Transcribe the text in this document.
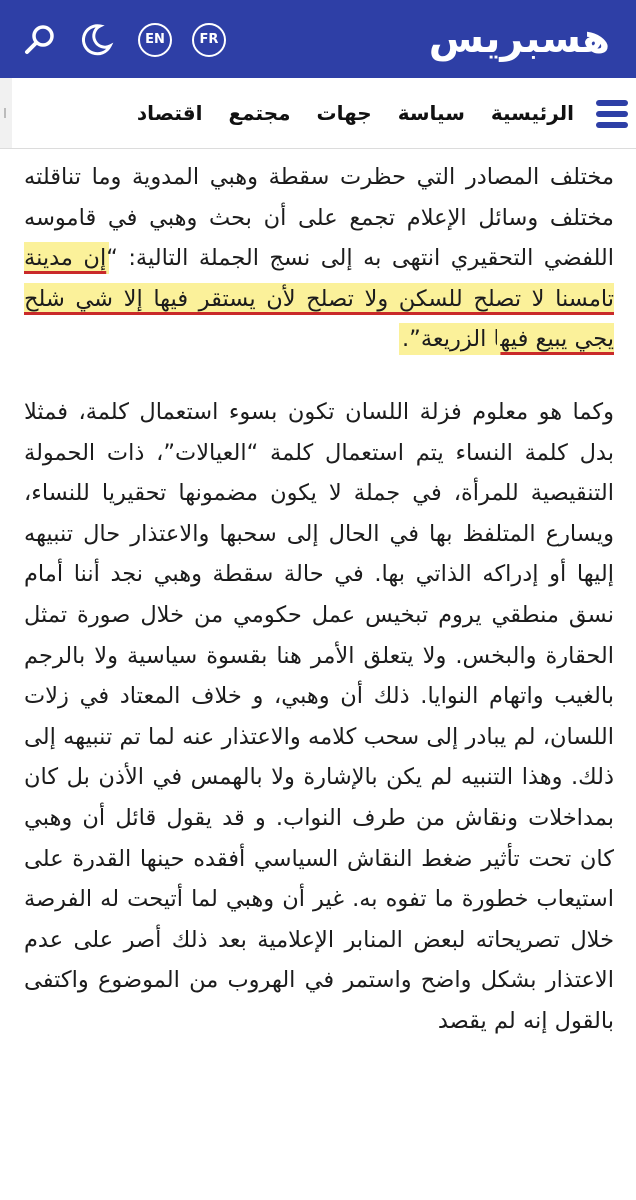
EN	FR	هسبريس
الرئيسية
سياسة
جهات
مجتمع
اقتصاد

مختلف المصادر التي حظرت سقطة وهبي المدوية وما تناقلته مختلف وسائل الإعلام تجمع على أن بحث وهبي في قاموسه اللفضي التحقيري انتهى به إلى نسج الجملة التالية: “إن مدينة تامسنا لا تصلح للسكن ولا تصلح لأن يستقر فيها إلا شي شلح يجي يبيع فيها الزريعة”.

وكما هو معلوم فزلة اللسان تكون بسوء استعمال كلمة، فمثلا بدل كلمة النساء يتم استعمال كلمة “العيالات”، ذات الحمولة التنقيصية للمرأة، في جملة لا يكون مضمونها تحقيريا للنساء، ويسارع المتلفظ بها في الحال إلى سحبها والاعتذار حال تنبيهه إليها أو إدراكه الذاتي بها. في حالة سقطة وهبي نجد أننا أمام نسق منطقي يروم تبخيس عمل حكومي من خلال صورة تمثل الحقارة والبخس. ولا يتعلق الأمر هنا بقسوة سياسية ولا بالرجم بالغيب واتهام النوايا. ذلك أن وهبي، و خلاف المعتاد في زلات اللسان، لم يبادر إلى سحب كلامه والاعتذار عنه لما تم تنبيهه إلى ذلك. وهذا التنبيه لم يكن بالإشارة ولا بالهمس في الأذن بل كان بمداخلات ونقاش من طرف النواب. و قد يقول قائل أن وهبي كان تحت تأثير ضغط النقاش السياسي أفقده حينها القدرة على استيعاب خطورة ما تفوه به. غير أن وهبي لما أتيحت له الفرصة خلال تصريحاته لبعض المنابر الإعلامية بعد ذلك أصر على عدم الاعتذار بشكل واضح واستمر في الهروب من الموضوع واكتفى بالقول إنه لم يقصد
